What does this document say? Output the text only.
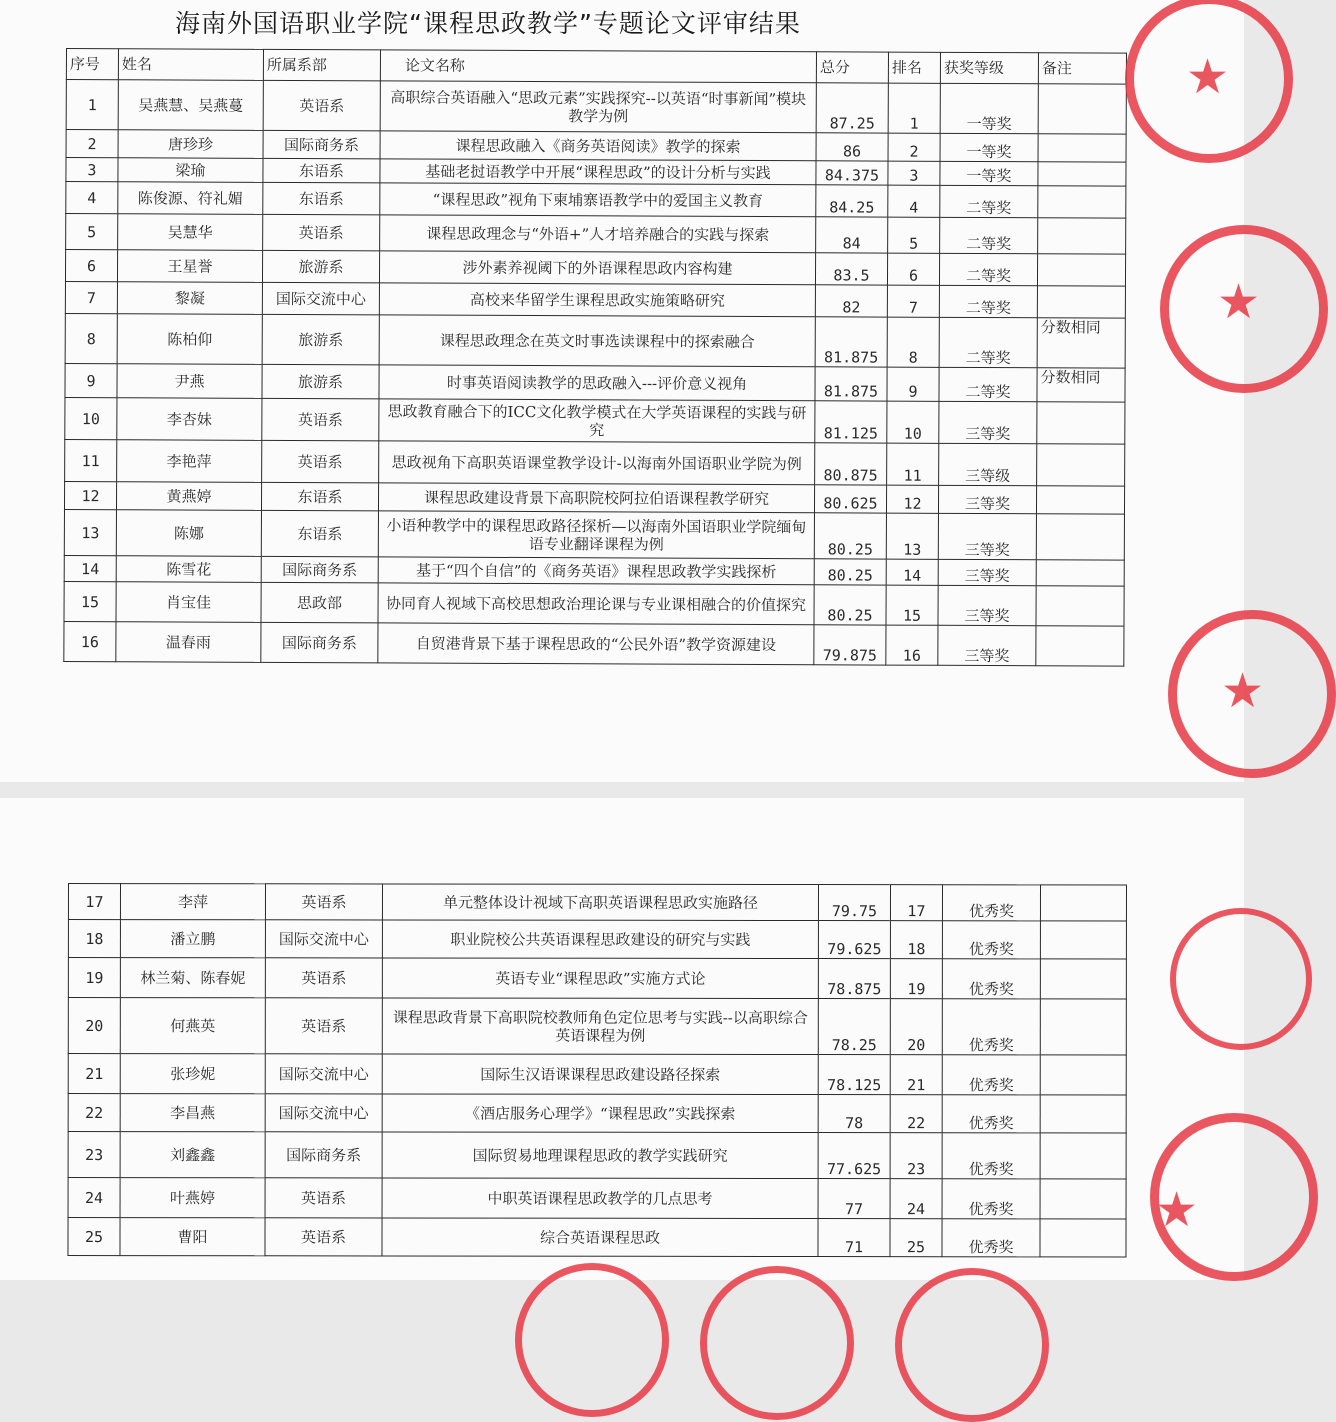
海南外国语职业学院“课程思政教学”专题论文评审结果
序号	姓名	所属系部	论文名称	总分	排名	获奖等级	备注
1	吴燕慧、吴燕蔓	英语系	高职综合英语融入“思政元素”实践探究--以英语“时事新闻”模块教学为例	87.25	1	一等奖	
2	唐珍珍	国际商务系	课程思政融入《商务英语阅读》教学的探索	86	2	一等奖	
3	梁瑜	东语系	基础老挝语教学中开展“课程思政”的设计分析与实践	84.375	3	一等奖	
4	陈俊源、符礼媚	东语系	“课程思政”视角下柬埔寨语教学中的爱国主义教育	84.25	4	二等奖	
5	吴慧华	英语系	课程思政理念与“外语+”人才培养融合的实践与探索	84	5	二等奖	
6	王星誉	旅游系	涉外素养视阈下的外语课程思政内容构建	83.5	6	二等奖	
7	黎凝	国际交流中心	高校来华留学生课程思政实施策略研究	82	7	二等奖	
8	陈柏仰	旅游系	课程思政理念在英文时事选读课程中的探索融合	81.875	8	二等奖	分数相同
9	尹燕	旅游系	时事英语阅读教学的思政融入---评价意义视角	81.875	9	二等奖	分数相同
10	李杏妹	英语系	思政教育融合下的ICC文化教学模式在大学英语课程的实践与研究	81.125	10	三等奖	
11	李艳萍	英语系	思政视角下高职英语课堂教学设计-以海南外国语职业学院为例	80.875	11	三等级	
12	黄燕婷	东语系	课程思政建设背景下高职院校阿拉伯语课程教学研究	80.625	12	三等奖	
13	陈娜	东语系	小语种教学中的课程思政路径探析—以海南外国语职业学院缅甸语专业翻译课程为例	80.25	13	三等奖	
14	陈雪花	国际商务系	基于“四个自信”的《商务英语》课程思政教学实践探析	80.25	14	三等奖	
15	肖宝佳	思政部	协同育人视域下高校思想政治理论课与专业课相融合的价值探究	80.25	15	三等奖	
16	温春雨	国际商务系	自贸港背景下基于课程思政的“公民外语”教学资源建设	79.875	16	三等奖	
★
★
★
17	李萍	英语系	单元整体设计视域下高职英语课程思政实施路径	79.75	17	优秀奖	
18	潘立鹏	国际交流中心	职业院校公共英语课程思政建设的研究与实践	79.625	18	优秀奖	
19	林兰菊、陈春妮	英语系	英语专业“课程思政”实施方式论	78.875	19	优秀奖	
20	何燕英	英语系	课程思政背景下高职院校教师角色定位思考与实践--以高职综合英语课程为例	78.25	20	优秀奖	
21	张珍妮	国际交流中心	国际生汉语课课程思政建设路径探索	78.125	21	优秀奖	
22	李昌燕	国际交流中心	《酒店服务心理学》“课程思政”实践探索	78	22	优秀奖	
23	刘鑫鑫	国际商务系	国际贸易地理课程思政的教学实践研究	77.625	23	优秀奖	
24	叶燕婷	英语系	中职英语课程思政教学的几点思考	77	24	优秀奖	
25	曹阳	英语系	综合英语课程思政	71	25	优秀奖	
★
